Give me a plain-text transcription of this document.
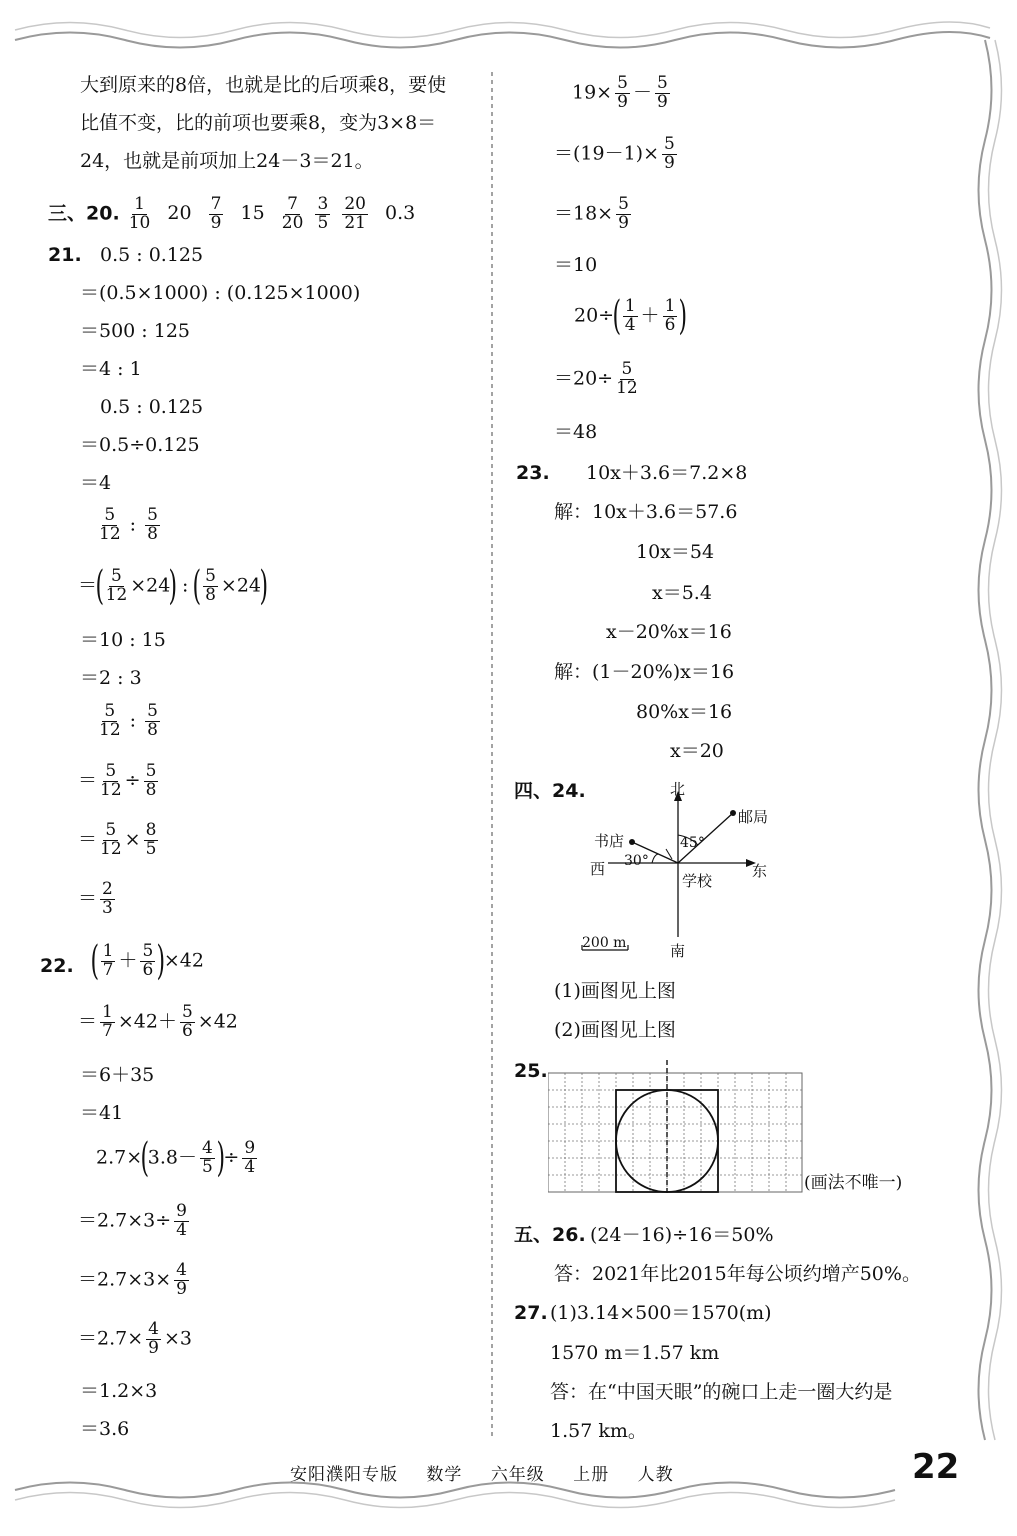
大到原来的8倍，也就是比的后项乘8，要使
比值不变，比的前项也要乘8，变为3×8＝
24，也就是前项加上24－3＝21。
三、20. $\frac{1}{10} 20 \frac{7}{9} 15 \frac{7}{20}$
$\frac{3}{5}$
$\frac{20}{21} 0.3$
21. 0.5 : 0.125
＝(0.5×1000) : (0.125×1000)
＝500 : 125
＝4 : 1
0.5 : 0.125
＝0.5÷0.125
＝4
$\frac{5}{12}$ : $\frac{5}{8}$
＝( $\frac{5}{12} \times 24$) : ( $\frac{5}{8} \times 24$)
＝10 : 15
＝2 : 3
$\frac{5}{12}$ : $\frac{5}{8}$
＝ $\frac{5}{12} \div \frac{5}{8}$
＝ $\frac{5}{12} \times \frac{8}{5}$
＝ $\frac{2}{3}$
22. ( $\frac{1}{7} + \frac{5}{6} )\times 42$
＝ $\frac{1}{7} \times 42+ \frac{5}{6} \times 42$
＝6＋35
＝41
$2.7\times(3.8- \frac{4}{5}$ )÷ $\frac{9}{4}$
$=2.7\times 3\div \frac{9}{4}$
$=2.7\times 3\times \frac{4}{9}$
$=2.7\times \frac{4}{9} \times 3$
＝1.2×3
＝3.6
$19\times \frac{5}{9} - \frac{5}{9}$
$=(19-1)\times \frac{5}{9}$
$=18\times \frac{5}{9}$
＝10
$20\div( \frac{1}{4} + \frac{1}{6}$ )
$=20\div \frac{5}{12}$
＝48
23. 10x＋3.6＝7.2×8
解：10x＋3.6＝57.6
10x＝54
x＝5.4
x－20%x＝16
解：(1－20%)x＝16
80%x＝16
x＝20
四、24.	北
南
东
西
邮局
书店
学校
45°
30°
200 m
(1)画图见上图
(2)画图见上图
25.
(画法不唯一)
五、26. (24－16)÷16＝50%
答：2021年比2015年每公顷约增产50%。
27. (1)3.14×500＝1570(m)
1570 m＝1.57 km
答：在“中国天眼”的碗口上走一圈大约是
1.57 km。
安阳濮阳专版 数学 六年级 上册 人教	22
